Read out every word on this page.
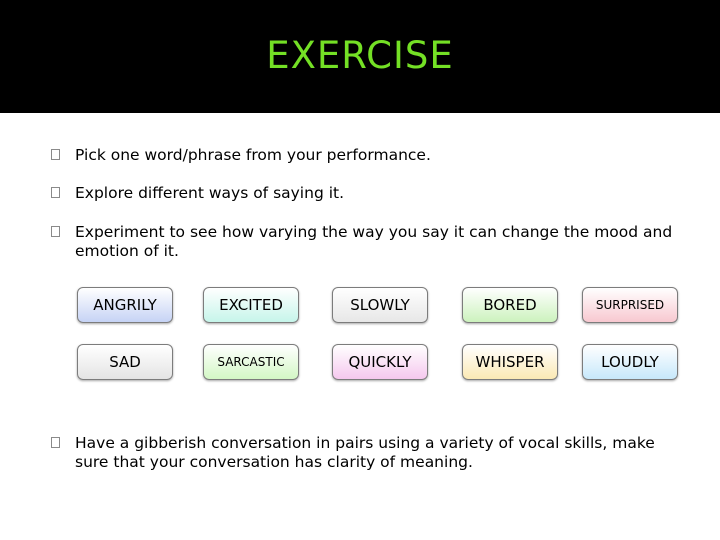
EXERCISE
Pick one word/phrase from your performance.
Explore different ways of saying it.
Experiment to see how varying the way you say it can change the mood and emotion of it.
ANGRILY	EXCITED	SLOWLY	BORED	SURPRISED
SAD	SARCASTIC	QUICKLY	WHISPER	LOUDLY
Have a gibberish conversation in pairs using a variety of vocal skills, make sure that your conversation has clarity of meaning.
